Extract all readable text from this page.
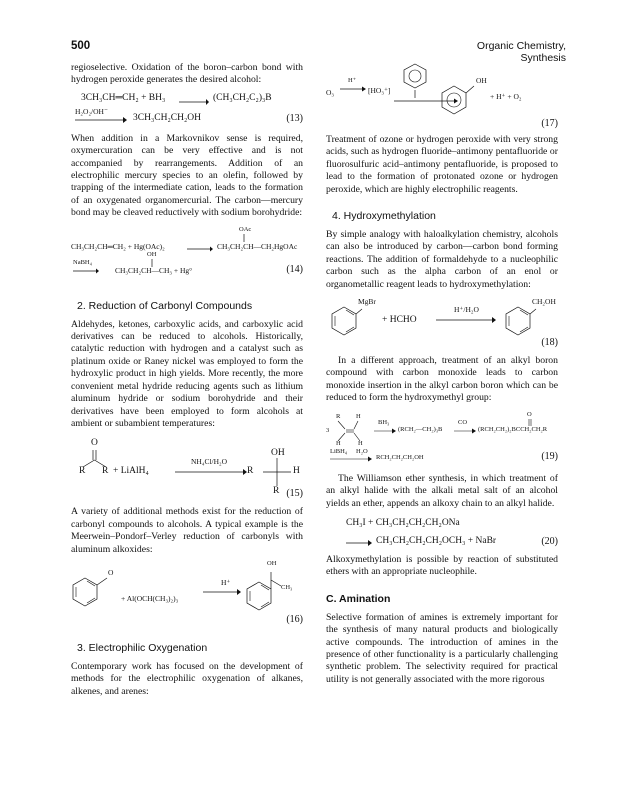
500	Organic Chemistry, Synthesis

regioselective. Oxidation of the boron–carbon bond with hydrogen peroxide generates the desired alcohol:

3CH₃CH═CH₂ + BH₃ → (CH₃CH₂C₂)₃B
H₂O₂/OH⁻
3CH₃CH₂CH₂OH	(13)

When addition in a Markovnikov sense is required, oxymercuration can be very effective and is not accompanied by rearrangements. Addition of an electrophilic mercury species to an olefin, followed by trapping of the intermediate cation, leads to the formation of an oxygenated organomercurial. The carbon—mercury bond may be cleaved reductively with sodium borohydride:

OAc
CH₃CH₂CH═CH₂ + Hg(OAc)₂ → CH₃CH₂CH—CH₂HgOAc
OH
NaBH₄
CH₃CH₂CH—CH₃ + Hg°	(14)
2. Reduction of Carbonyl Compounds

Aldehydes, ketones, carboxylic acids, and carboxylic acid derivatives can be reduced to alcohols. Historically, catalytic reduction with hydrogen and a catalyst such as platinum oxide or Raney nickel was employed to form the hydroxylic product in high yields. More recently, the more convenient metal hydride reducing agents such as lithium aluminum hydride or sodium borohydride and their derivatives have been employed to form alcohols at ambient or subambient temperatures:

O
R R + LiAlH₄
NH₄Cl/H₂O
OH
R	H
R (15)

A variety of additional methods exist for the reduction of carbonyl compounds to alcohols. A typical example is the Meerwein–Pondorf–Verley reduction of carbonyls with aluminum alkoxides:

O
+ Al(OCH(CH₃)₂)₃
H⁺
OH
CH₃
(16)
3. Electrophilic Oxygenation

Contemporary work has focused on the development of methods for the electrophilic oxygenation of alkanes, alkenes, and arenes:

O₃
H⁺
→ [HO₃⁺]
OH
+ H⁺ + O₂
(17)

Treatment of ozone or hydrogen peroxide with very strong acids, such as hydrogen fluoride–antimony pentafluoride or fluorosulfuric acid–antimony pentafluoride, is proposed to lead to the formation of protonated ozone or hydrogen peroxide, which are highly electrophilic reagents.

4. Hydroxymethylation

By simple analogy with haloalkylation chemistry, alcohols can also be introduced by carbon—carbon bond forming reactions. The addition of formaldehyde to a nucleophilic carbon such as the alpha carbon of an enol or organometallic reagent leads to hydroxymethylation:

MgBr
+ HCHO
H⁺/H₂O
CH₂OH
(18)

In a different approach, treatment of an alkyl boron compound with carbon monoxide leads to carbon monoxide insertion in the alkyl carbon boron which can be reduced to form the hydroxymethyl group:

R H
3
H	H
BH₃
→ (RCH₂—CH₂)₃B
CO
O
(RCH₂CH₂)₂BCCH₂CH₂R
LiBH₄ H₂O
RCH₂CH₂CH₂OH	(19)

The Williamson ether synthesis, in which treatment of an alkyl halide with the alkali metal salt of an alcohol yields an ether, appends an alkoxy chain to an alkyl halide.

CH₃I + CH₃CH₂CH₂CH₂ONa
→ CH₃CH₂CH₂CH₂OCH₃ + NaBr	(20)

Alkoxymethylation is possible by reaction of substituted ethers with an appropriate nucleophile.

C. Amination

Selective formation of amines is extremely important for the synthesis of many natural products and biologically active compounds. The introduction of amines in the presence of other functionality is a particularly challenging synthetic problem. The selectivity required for practical utility is not generally associated with the more rigorous
